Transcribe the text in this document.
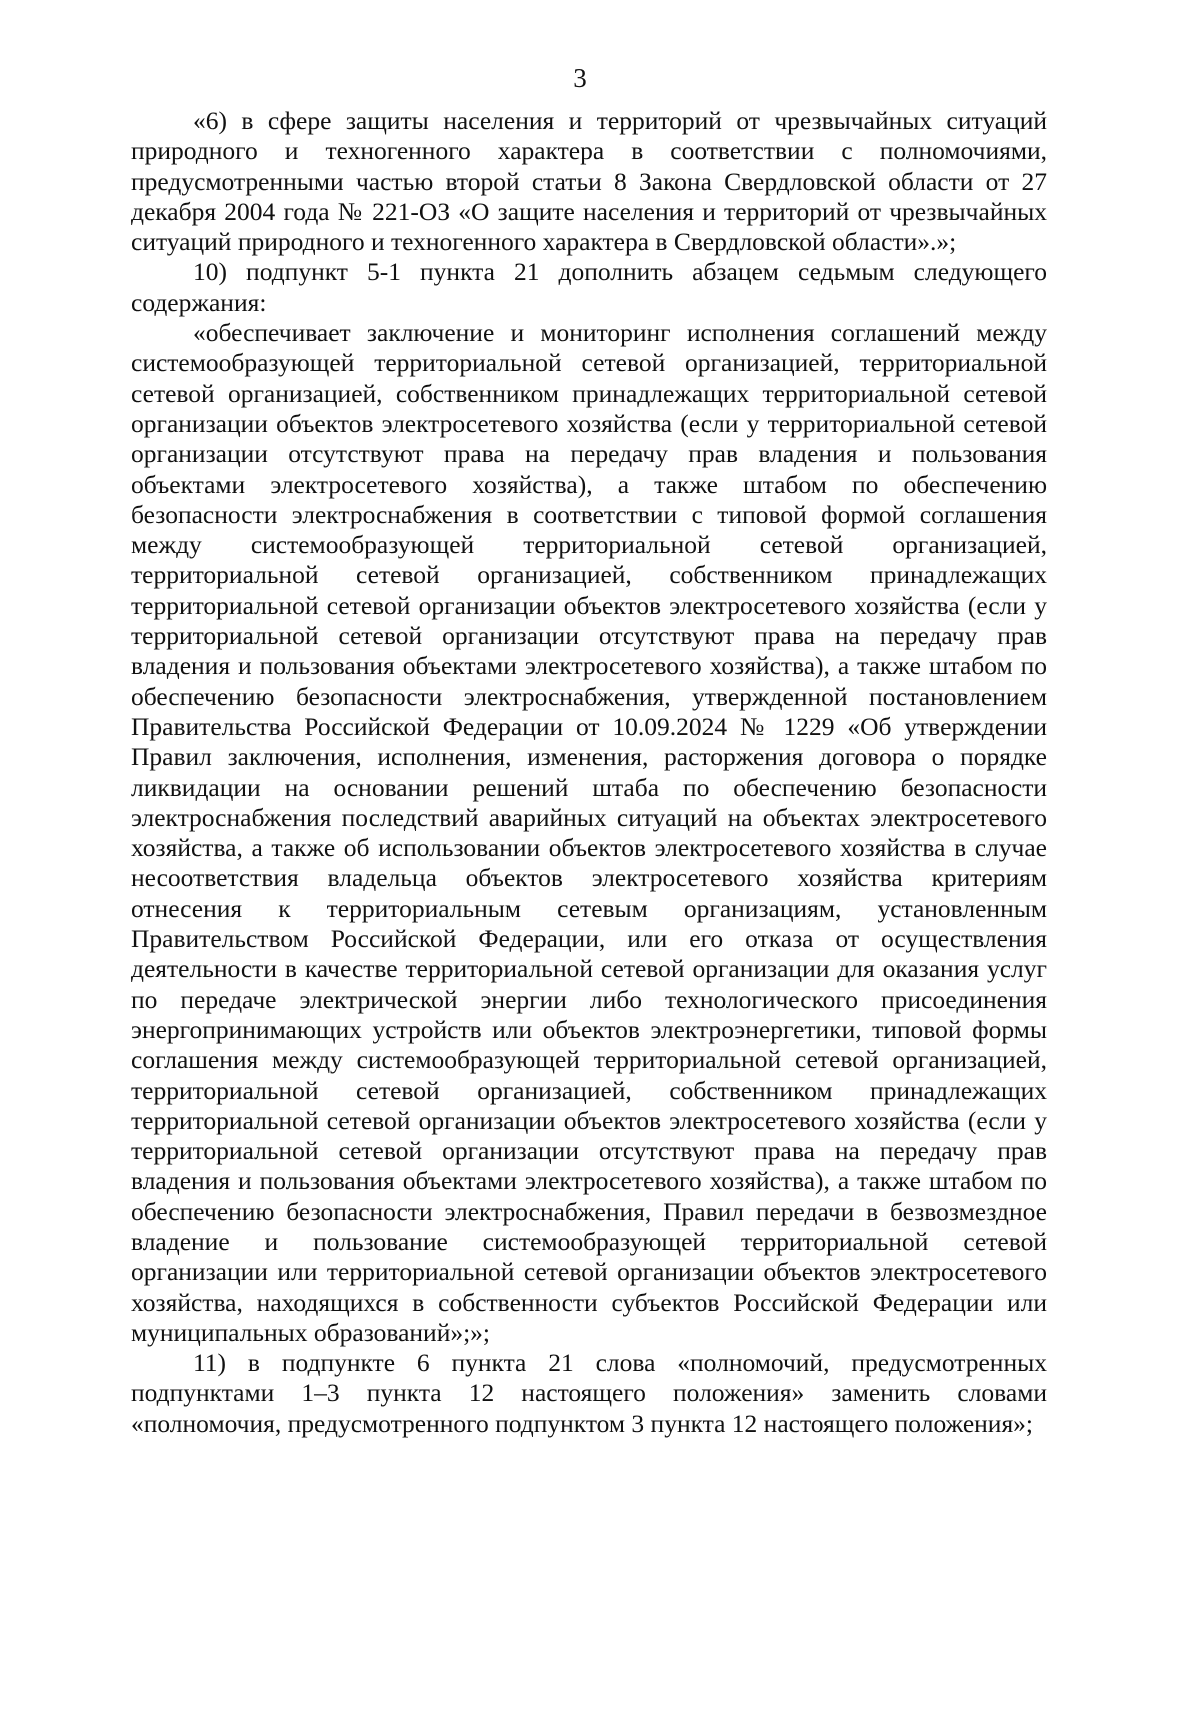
3

«6) в сфере защиты населения и территорий от чрезвычайных ситуаций природного и техногенного характера в соответствии с полномочиями, предусмотренными частью второй статьи 8 Закона Свердловской области от 27 декабря 2004 года № 221-ОЗ «О защите населения и территорий от чрезвычайных ситуаций природного и техногенного характера в Свердловской области».»;

10) подпункт 5-1 пункта 21 дополнить абзацем седьмым следующего содержания:

«обеспечивает заключение и мониторинг исполнения соглашений между системообразующей территориальной сетевой организацией, территориальной сетевой организацией, собственником принадлежащих территориальной сетевой организации объектов электросетевого хозяйства (если у территориальной сетевой организации отсутствуют права на передачу прав владения и пользования объектами электросетевого хозяйства), а также штабом по обеспечению безопасности электроснабжения в соответствии с типовой формой соглашения между системообразующей территориальной сетевой организацией, территориальной сетевой организацией, собственником принадлежащих территориальной сетевой организации объектов электросетевого хозяйства (если у территориальной сетевой организации отсутствуют права на передачу прав владения и пользования объектами электросетевого хозяйства), а также штабом по обеспечению безопасности электроснабжения, утвержденной постановлением Правительства Российской Федерации от 10.09.2024 № 1229 «Об утверждении Правил заключения, исполнения, изменения, расторжения договора о порядке ликвидации на основании решений штаба по обеспечению безопасности электроснабжения последствий аварийных ситуаций на объектах электросетевого хозяйства, а также об использовании объектов электросетевого хозяйства в случае несоответствия владельца объектов электросетевого хозяйства критериям отнесения к территориальным сетевым организациям, установленным Правительством Российской Федерации, или его отказа от осуществления деятельности в качестве территориальной сетевой организации для оказания услуг по передаче электрической энергии либо технологического присоединения энергопринимающих устройств или объектов электроэнергетики, типовой формы соглашения между системообразующей территориальной сетевой организацией, территориальной сетевой организацией, собственником принадлежащих территориальной сетевой организации объектов электросетевого хозяйства (если у территориальной сетевой организации отсутствуют права на передачу прав владения и пользования объектами электросетевого хозяйства), а также штабом по обеспечению безопасности электроснабжения, Правил передачи в безвозмездное владение и пользование системообразующей территориальной сетевой организации или территориальной сетевой организации объектов электросетевого хозяйства, находящихся в собственности субъектов Российской Федерации или муниципальных образований»;»;

11) в подпункте 6 пункта 21 слова «полномочий, предусмотренных подпунктами 1–3 пункта 12 настоящего положения» заменить словами «полномочия, предусмотренного подпунктом 3 пункта 12 настоящего положения»;
